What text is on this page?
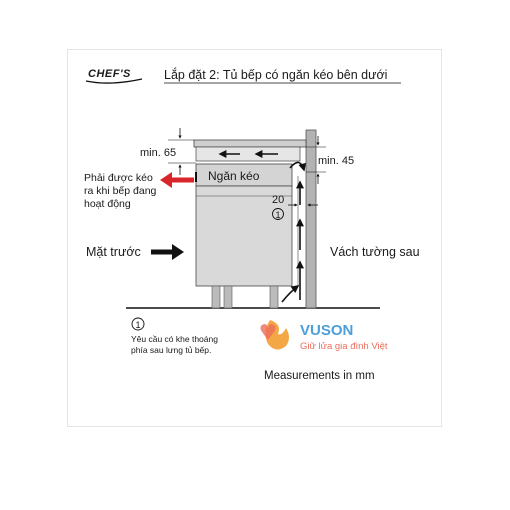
CHEF'S	Lắp đặt 2: Tủ bếp có ngăn kéo bên dưới
Ngăn kéo
Phải được kéo
ra khi bếp đang
hoạt động
min. 65
min. 45
20
1
Mặt trước	Vách tường sau
1
Yêu cầu có khe thoáng
phía sau lưng tủ bếp.
Measurements in mm
VUSON
Giữ lửa gia đình Việt
